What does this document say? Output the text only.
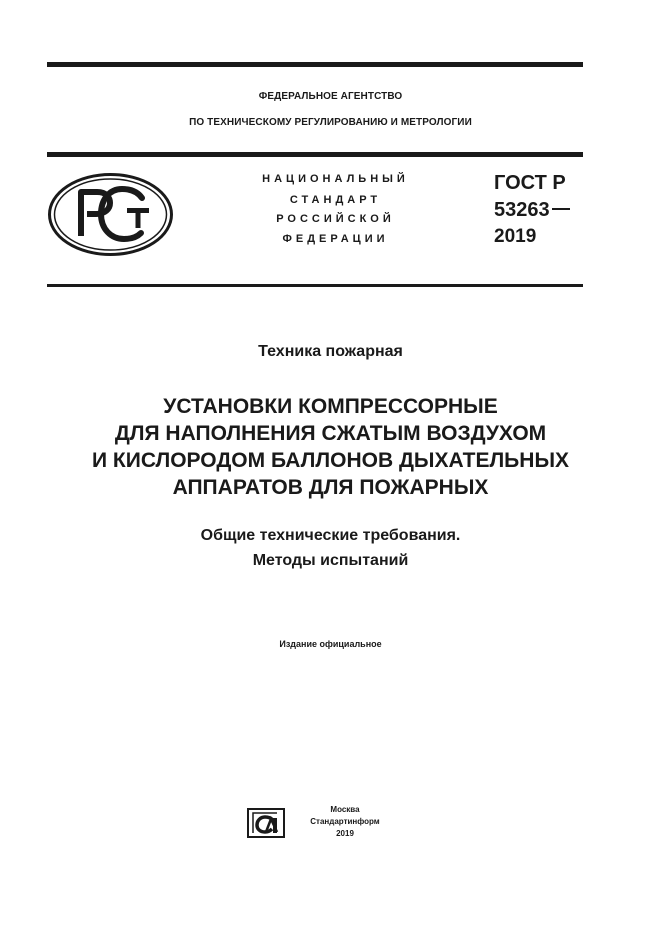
ФЕДЕРАЛЬНОЕ АГЕНТСТВО
ПО ТЕХНИЧЕСКОМУ РЕГУЛИРОВАНИЮ И МЕТРОЛОГИИ
НАЦИОНАЛЬНЫЙ
СТАНДАРТ
РОССИЙСКОЙ
ФЕДЕРАЦИИ
ГОСТ Р
53263
2019
Техника пожарная
УСТАНОВКИ КОМПРЕССОРНЫЕ
ДЛЯ НАПОЛНЕНИЯ СЖАТЫМ ВОЗДУХОМ
И КИСЛОРОДОМ БАЛЛОНОВ ДЫХАТЕЛЬНЫХ
АППАРАТОВ ДЛЯ ПОЖАРНЫХ
Общие технические требования.
Методы испытаний
Издание официальное
Москва
Стандартинформ
2019
